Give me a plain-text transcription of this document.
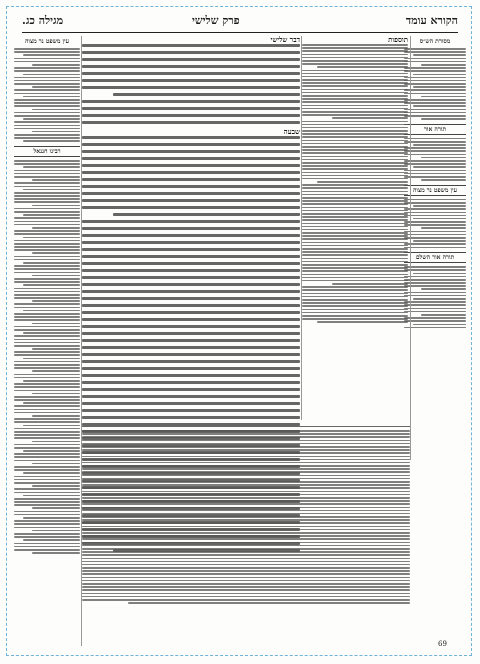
הקורא עומד
פרק שלישי
מגילה כג.
מסורת הש״ס
תורה אור
עין משפט נר מצוה
תורה אור השלם
עין משפט נר מצוה
רבינו חננאל
דבר שלישי
שבעה
תוספות
69
